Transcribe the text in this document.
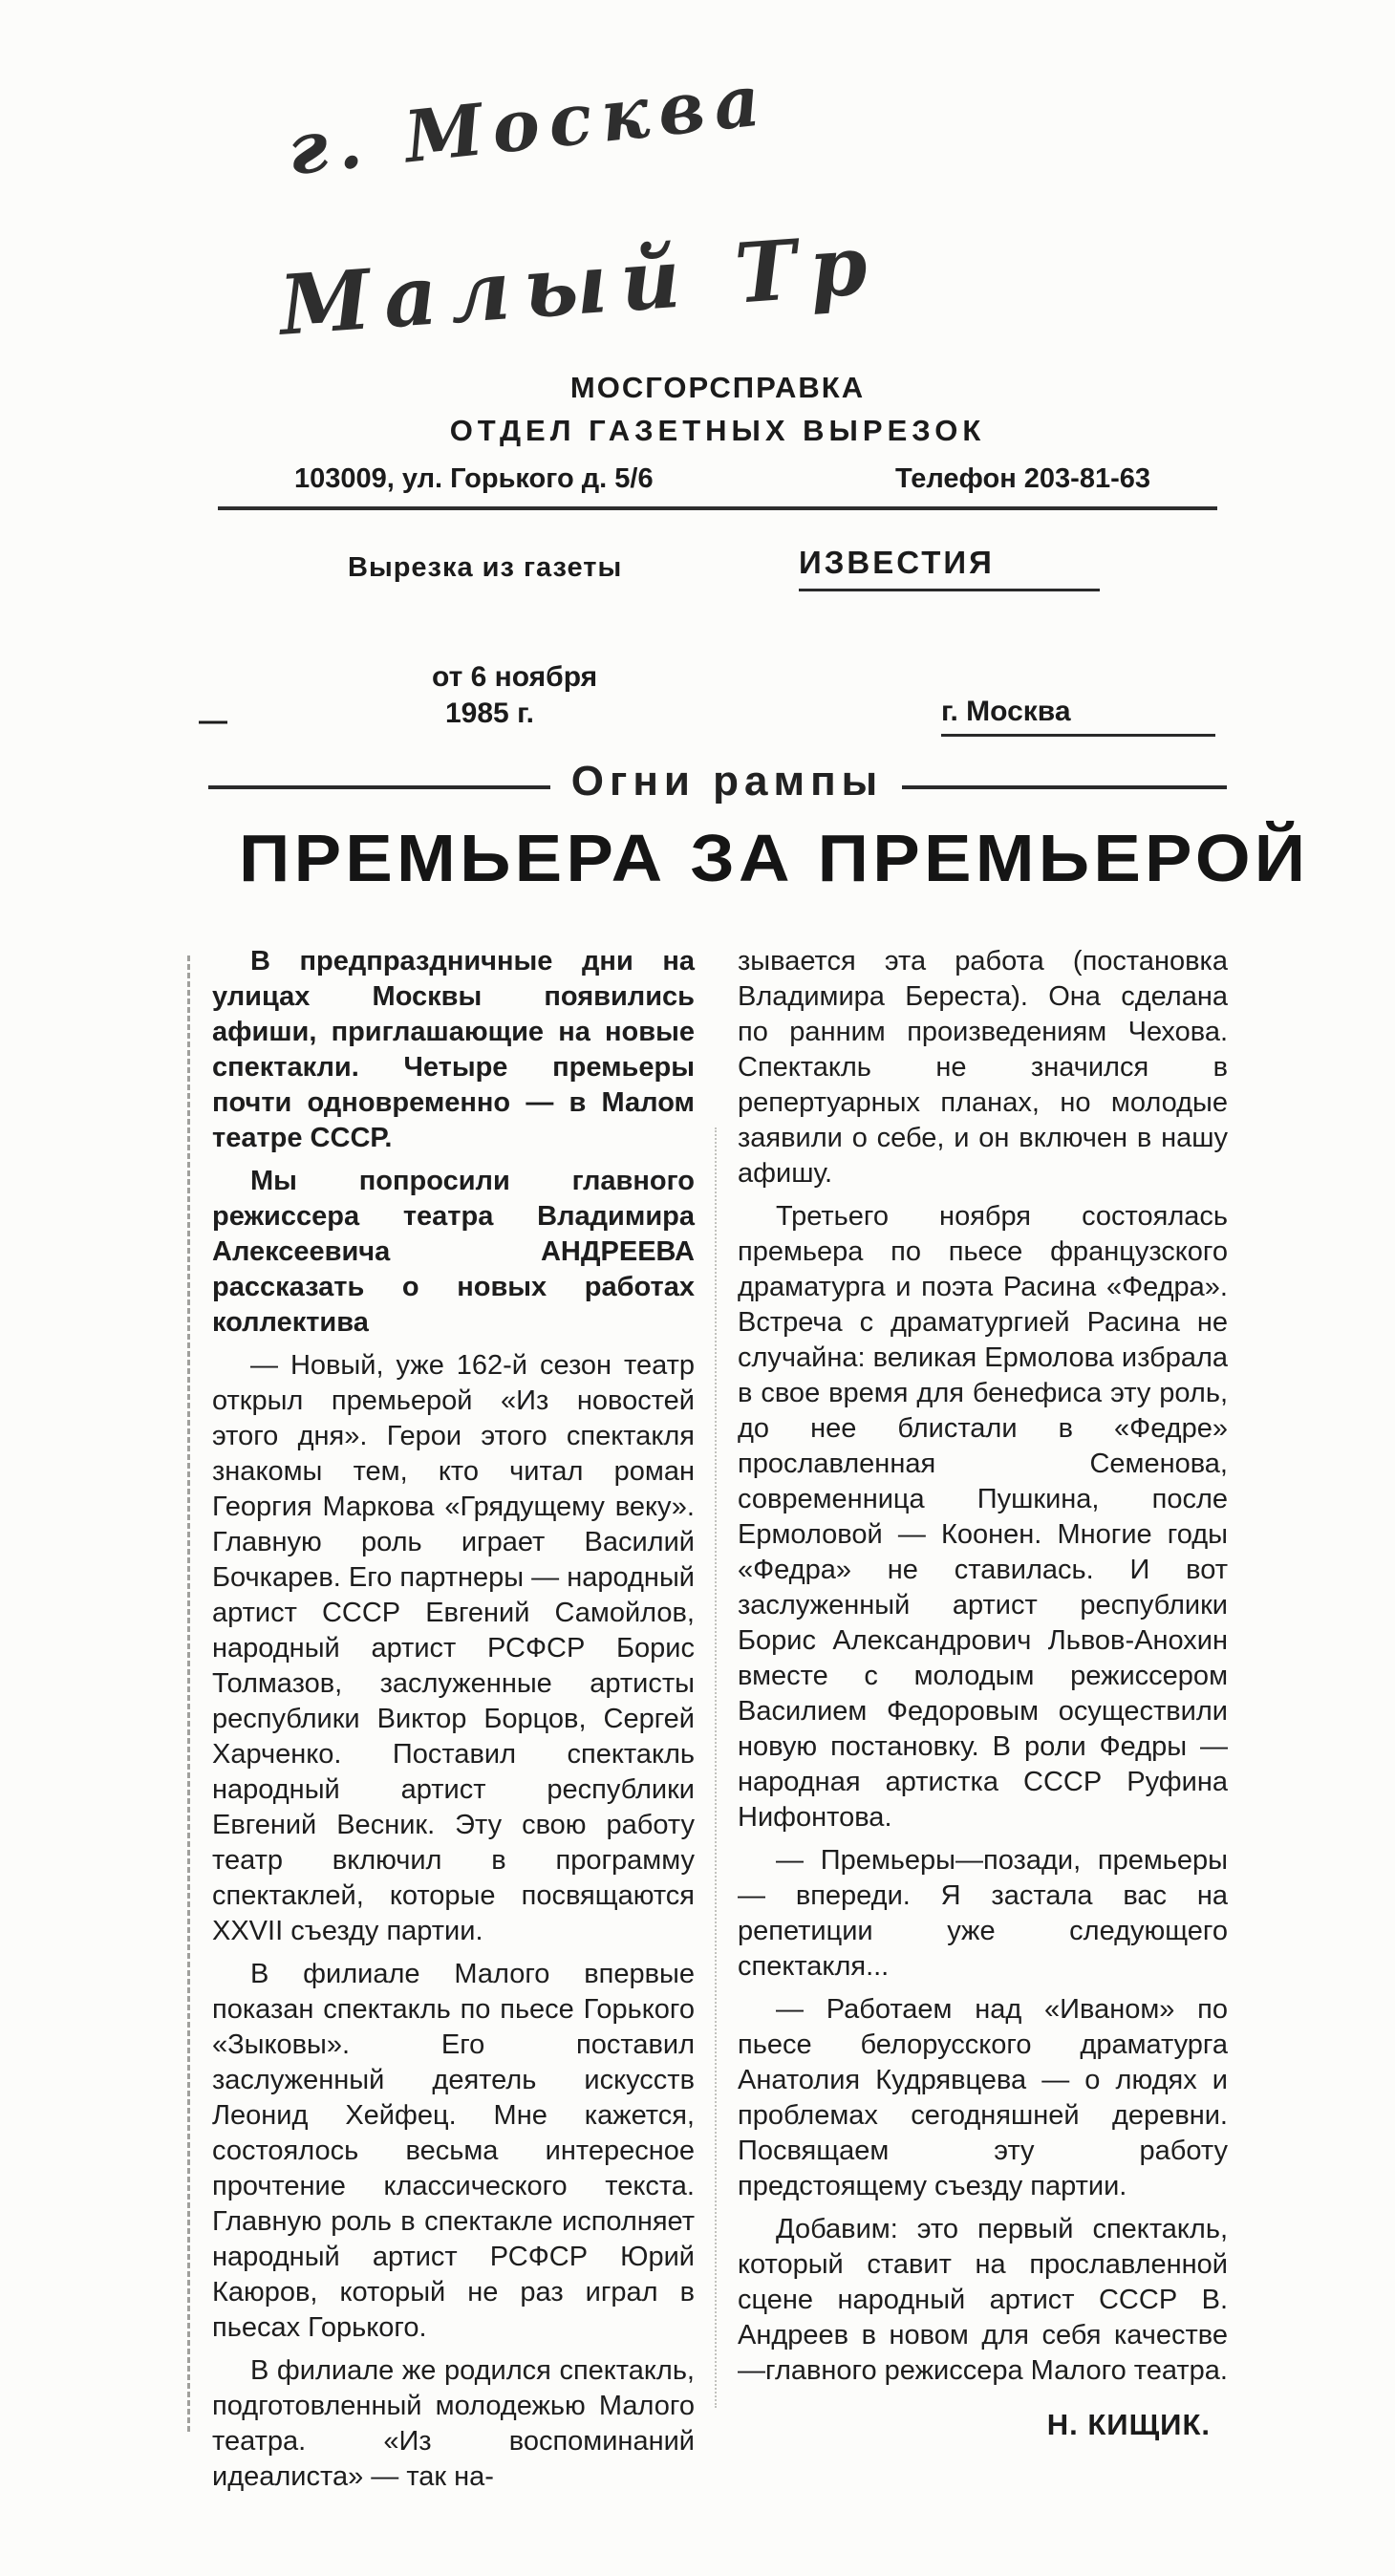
г. Москва
Малый Тр
МОСГОРСПРАВКА
ОТДЕЛ ГАЗЕТНЫХ ВЫРЕЗОК
103009, ул. Горького д. 5/6	Телефон 203-81-63
Вырезка из газеты	ИЗВЕСТИЯ
от 6 ноября
1985 г.
—	г. Москва
Огни рампы
ПРЕМЬЕРА ЗА ПРЕМЬЕРОЙ

В предпраздничные дни на улицах Москвы появились афиши, приглашающие на новые спектакли. Четыре премьеры почти одновременно — в Малом театре СССР.

Мы попросили главного режиссера театра Владимира Алексеевича АНДРЕЕВА рассказать о новых работах коллектива

— Новый, уже 162-й сезон театр открыл премьерой «Из новостей этого дня». Герои этого спектакля знакомы тем, кто читал роман Георгия Маркова «Грядущему веку». Главную роль играет Василий Бочкарев. Его партнеры — народный артист СССР Евгений Самойлов, народный артист РСФСР Борис Толмазов, заслуженные артисты республики Виктор Борцов, Сергей Харченко. Поставил спектакль народный артист республики Евгений Весник. Эту свою работу театр включил в программу спектаклей, которые посвящаются XXVII съезду партии.

В филиале Малого впервые показан спектакль по пьесе Горького «Зыковы». Его поставил заслуженный деятель искусств Леонид Хейфец. Мне кажется, состоялось весьма интересное прочтение классического текста. Главную роль в спектакле исполняет народный артист РСФСР Юрий Каюров, который не раз играл в пьесах Горького.

В филиале же родился спектакль, подготовленный молодежью Малого театра. «Из воспоминаний идеалиста» — так на-

зывается эта работа (постановка Владимира Береста). Она сделана по ранним произведениям Чехова. Спектакль не значился в репертуарных планах, но молодые заявили о себе, и он включен в нашу афишу.

Третьего ноября состоялась премьера по пьесе французского драматурга и поэта Расина «Федра». Встреча с драматургией Расина не случайна: великая Ермолова избрала в свое время для бенефиса эту роль, до нее блистали в «Федре» прославленная Семенова, современница Пушкина, после Ермоловой — Коонен. Многие годы «Федра» не ставилась. И вот заслуженный артист республики Борис Александрович Львов-Анохин вместе с молодым режиссером Василием Федоровым осуществили новую постановку. В роли Федры — народная артистка СССР Руфина Нифонтова.

— Премьеры—позади, премьеры — впереди. Я застала вас на репетиции уже следующего спектакля...

— Работаем над «Иваном» по пьесе белорусского драматурга Анатолия Кудрявцева — о людях и проблемах сегодняшней деревни. Посвящаем эту работу предстоящему съезду партии.

Добавим: это первый спектакль, который ставит на прославленной сцене народный артист СССР В. Андреев в новом для себя качестве—главного режиссера Малого театра.

Н. КИЩИК.
